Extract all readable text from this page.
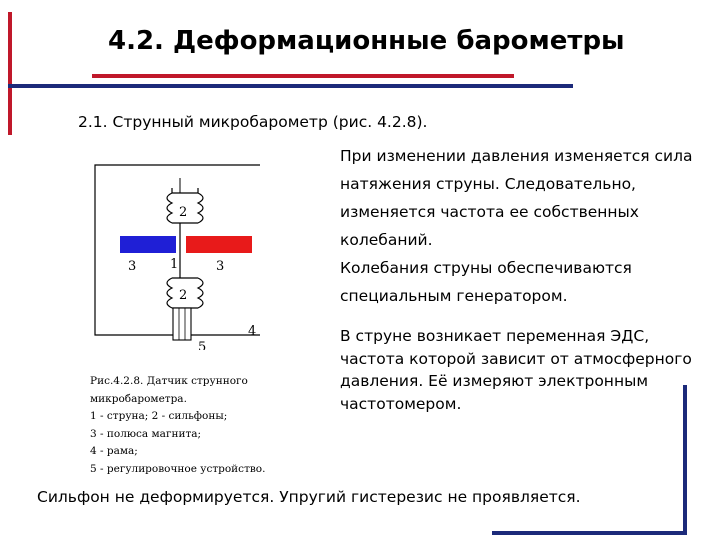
4.2. Деформационные барометры
2.1. Струнный микробарометр (рис. 4.2.8).

При изменении давления изменяется сила натяжения струны. Следовательно, изменяется частота ее собственных колебаний.

Колебания струны обеспечиваются специальным генератором.

В струне возникает переменная ЭДС, частота которой зависит от атмосферного давления. Её измеряют электронным частотомером.

2
2
1
3	3
4
5
Рис.4.2.8. Датчик струнного
микробарометра.
1 - струна; 2 - сильфоны;
3 - полюса магнита;
4 - рама;
5 - регулировочное устройство.
Сильфон не деформируется. Упругий гистерезис не проявляется.
